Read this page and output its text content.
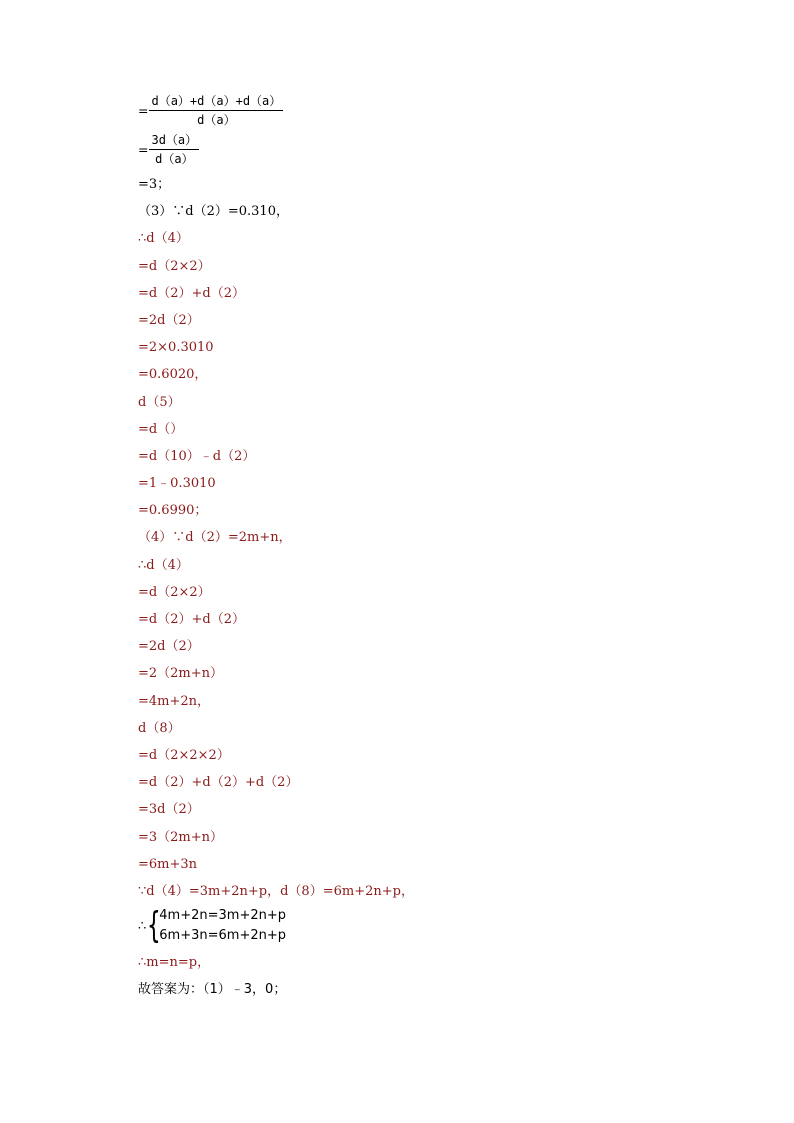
= $\frac{d(a)+d(a)+d(a)}{d(a)}$
= $\frac{3d(a)}{d(a)}$
=3；
（3）∵d（2）=0.310，
∴d（4）
=d（2×2）
=d（2）+d（2）
=2d（2）
=2×0.3010
=0.6020，
d（5）
=d（）
=d（10）﹣d（2）
=1﹣0.3010
=0.6990；
（4）∵d（2）=2m+n，
∴d（4）
=d（2×2）
=d（2）+d（2）
=2d（2）
=2（2m+n）
=4m+2n，
d（8）
=d（2×2×2）
=d（2）+d（2）+d（2）
=3d（2）
=3（2m+n）
=6m+3n
∵d（4）=3m+2n+p，d（8）=6m+2n+p，
∴ {
4m+2n=3m+2n+p
6m+3n=6m+2n+p
∴m=n=p，
故答案为：（1）﹣3，0；
